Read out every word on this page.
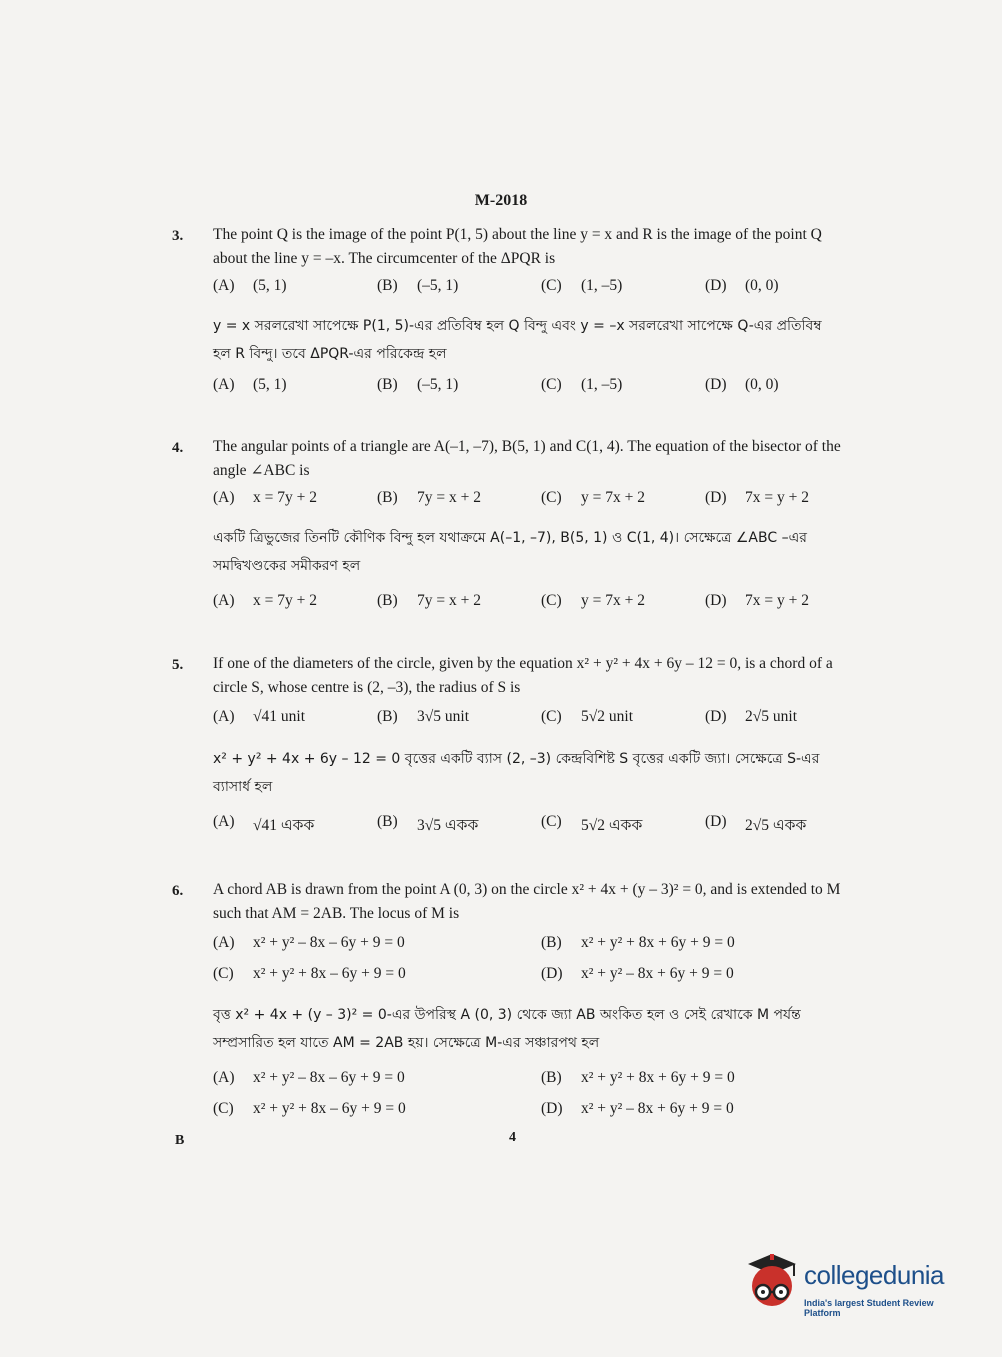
M-2018
3. The point Q is the image of the point P(1, 5) about the line y = x and R is the image of the point Q about the line y = –x. The circumcenter of the ΔPQR is
(A) (5, 1)	(B) (–5, 1)	(C) (1, –5)	(D) (0, 0)
y = x সরলরেখা সাপেক্ষে P(1, 5)-এর প্রতিবিম্ব হল Q বিন্দু এবং y = –x সরলরেখা সাপেক্ষে Q-এর প্রতিবিম্ব হল R বিন্দু। তবে ΔPQR-এর পরিকেন্দ্র হল
(A) (5, 1)	(B) (–5, 1)	(C) (1, –5)	(D) (0, 0)
4. The angular points of a triangle are A(–1, –7), B(5, 1) and C(1, 4). The equation of the bisector of the angle ∠ABC is
(A) x = 7y + 2	(B) 7y = x + 2	(C) y = 7x + 2	(D) 7x = y + 2
একটি ত্রিভুজের তিনটি কৌণিক বিন্দু হল যথাক্রমে A(–1, –7), B(5, 1) ও C(1, 4)। সেক্ষেত্রে ∠ABC –এর সমদ্বিখণ্ডকের সমীকরণ হল
(A) x = 7y + 2	(B) 7y = x + 2	(C) y = 7x + 2	(D) 7x = y + 2
5. If one of the diameters of the circle, given by the equation x² + y² + 4x + 6y – 12 = 0, is a chord of a circle S, whose centre is (2, –3), the radius of S is
(A) √41 unit	(B) 3√5 unit	(C) 5√2 unit	(D) 2√5 unit
x² + y² + 4x + 6y – 12 = 0 বৃত্তের একটি ব্যাস (2, –3) কেন্দ্রবিশিষ্ট S বৃত্তের একটি জ্যা। সেক্ষেত্রে S-এর ব্যাসার্ধ হল
(A) √41 একক	(B) 3√5 একক	(C) 5√2 একক	(D) 2√5 একক
6. A chord AB is drawn from the point A (0, 3) on the circle x² + 4x + (y – 3)² = 0, and is extended to M such that AM = 2AB. The locus of M is
(A) x² + y² – 8x – 6y + 9 = 0	(B) x² + y² + 8x + 6y + 9 = 0
(C) x² + y² + 8x – 6y + 9 = 0	(D) x² + y² – 8x + 6y + 9 = 0
বৃত্ত x² + 4x + (y – 3)² = 0-এর উপরিস্থ A (0, 3) থেকে জ্যা AB অংকিত হল ও সেই রেখাকে M পর্যন্ত সম্প্রসারিত হল যাতে AM = 2AB হয়। সেক্ষেত্রে M-এর সঞ্চারপথ হল
(A) x² + y² – 8x – 6y + 9 = 0	(B) x² + y² + 8x + 6y + 9 = 0
(C) x² + y² + 8x – 6y + 9 = 0	(D) x² + y² – 8x + 6y + 9 = 0
B	4
collegedunia
India's largest Student Review Platform
